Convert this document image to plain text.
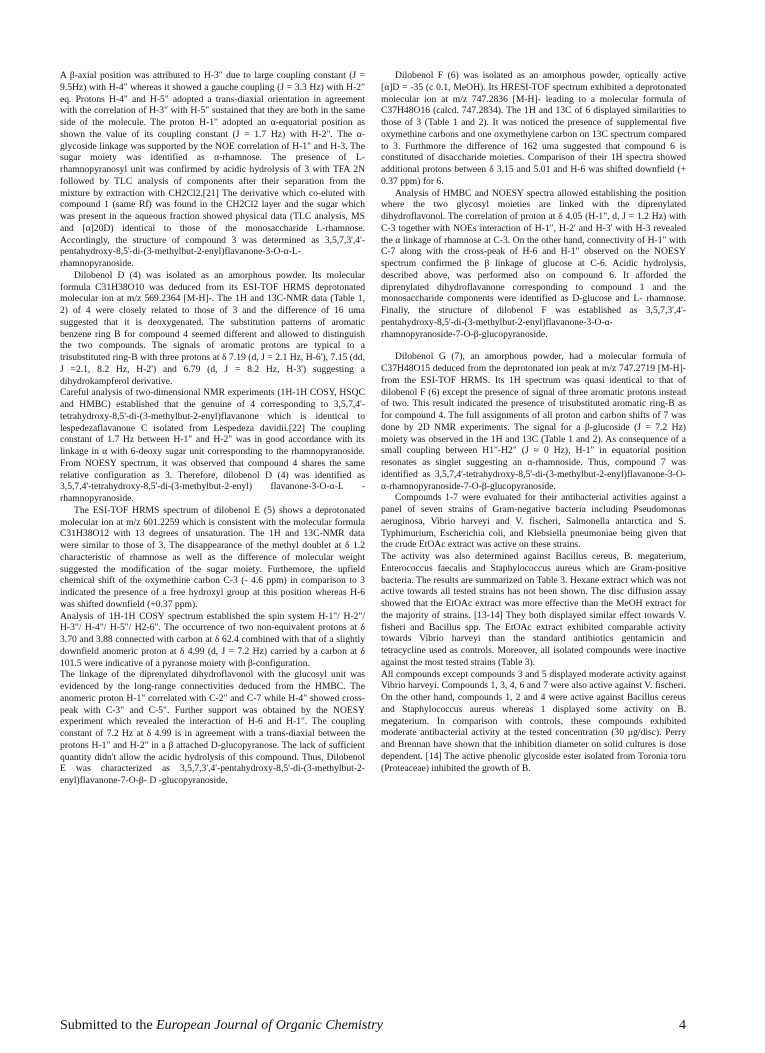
A β-axial position was attributed to H-3" due to large coupling constant (J = 9.5Hz) with H-4" whereas it showed a gauche coupling (J = 3.3 Hz) with H-2" eq. Protons H-4" and H-5" adopted a trans-diaxial orientation in agreement with the correlation of H-3" with H-5" sustained that they are both in the same side of the molecule. The proton H-1" adopted an α-equatorial position as shown the value of its coupling constant (J = 1.7 Hz) with H-2". The α-glycoside linkage was supported by the NOE correlation of H-1" and H-3. The sugar moiety was identified as α-rhamnose. The presence of L-rhamnopyranosyl unit was confirmed by acidic hydrolysis of 3 with TFA 2N followed by TLC analysis of components after their separation from the mixture by extraction with CH2Cl2.[21] The derivative which co-eluted with compound 1 (same Rf) was found in the CH2Cl2 layer and the sugar which was present in the aqueous fraction showed physical data (TLC analysis, MS and [α]20D) identical to those of the monosaccharide L-rhamnose. Accordingly, the structure of compound 3 was determined as 3,5,7,3',4'-pentahydroxy-8,5'-di-(3-methylbut-2-enyl)flavanone-3-O-α-L-rhamnopyranoside.

Dilobenol D (4) was isolated as an amorphous powder. Its molecular formula C31H38O10 was deduced from its ESI-TOF HRMS deprotonated molecular ion at m/z 569.2364 [M-H]-. The 1H and 13C-NMR data (Table 1, 2) of 4 were closely related to those of 3 and the difference of 16 uma suggested that it is deoxygenated. The substitution patterns of aromatic benzene ring B for compound 4 seemed different and allowed to distinguish the two compounds. The signals of aromatic protons are typical to a trisubstituted ring-B with three protons at δ 7.19 (d, J = 2.1 Hz, H-6'), 7.15 (dd, J =2.1, 8.2 Hz, H-2') and 6.79 (d, J = 8.2 Hz, H-3') suggesting a dihydrokampferol derivative.

Careful analysis of two-dimensional NMR experiments (1H-1H COSY, HSQC and HMBC) established that the genuine of 4 corresponding to 3,5,7,4'-tetrahydroxy-8,5'-di-(3-methylbut-2-enyl)flavanone which is identical to lespedezaflavanone C isolated from Lespedeza davidii.[22] The coupling constant of 1.7 Hz between H-1" and H-2" was in good accordance with its linkage in α with 6-deoxy sugar unit corresponding to the rhamnopyranoside. From NOESY spectrum, it was observed that compound 4 shares the same relative configuration as 3. Therefore, dilobenol D (4) was identified as 3,5,7,4'-tetrahydroxy-8,5'-di-(3-methylbut-2-enyl) flavanone-3-O-α-L -rhamnopyranoside.

The ESI-TOF HRMS spectrum of dilobenol E (5) shows a deprotonated molecular ion at m/z 601.2259 which is consistent with the molecular formula C31H38O12 with 13 degrees of unsaturation. The 1H and 13C-NMR data were similar to those of 3. The disappearance of the methyl doublet at δ 1.2 characteristic of rhamnose as well as the difference of molecular weight suggested the modification of the sugar moiety. Furthemore, the upfield chemical shift of the oxymethine carbon C-3 (- 4.6 ppm) in comparison to 3 indicated the presence of a free hydroxyl group at this position whereas H-6 was shifted downfield (+0.37 ppm).

Analysis of 1H-1H COSY spectrum established the spin system H-1"/ H-2"/ H-3"/ H-4"/ H-5"/ H2-6". The occurrence of two non-equivalent protons at δ 3.70 and 3.88 connected with carbon at δ 62.4 combined with that of a slightly downfield anomeric proton at δ 4.99 (d, J = 7.2 Hz) carried by a carbon at δ 101.5 were indicative of a pyranose moiety with β-configuration.

The linkage of the diprenylated dihydroflavonol with the glucosyl unit was evidenced by the long-range connectivities deduced from the HMBC. The anomeric proton H-1" correlated with C-2" and C-7 while H-4" showed cross-peak with C-3" and C-5". Further support was obtained by the NOESY experiment which revealed the interaction of H-6 and H-1". The coupling constant of 7.2 Hz at δ 4.99 is in agreement with a trans-diaxial between the protons H-1" and H-2" in a β attached D-glucopyranose. The lack of sufficient quantity didn't allow the acidic hydrolysis of this compound. Thus, Dilobenol E was characterized as 3,5,7,3',4'-pentahydroxy-8,5'-di-(3-methylbut-2-enyl)flavanone-7-O-β- D -glucopyranoside.

Dilobenol F (6) was isolated as an amorphous powder, optically active [α]D = -35 (c 0.1, MeOH). Its HRESI-TOF spectrum exhibited a deprotonated molecular ion at m/z 747.2836 [M-H]- leading to a molecular formula of C37H48O16 (calcd. 747.2834). The 1H and 13C of 6 displayed similarities to those of 3 (Table 1 and 2). It was noticed the presence of supplemental five oxymethine carbons and one oxymethylene carbon on 13C spectrum compared to 3. Furthmore the difference of 162 uma suggested that compound 6 is constituted of disaccharide moieties. Comparison of their 1H spectra showed additional protons between δ 3.15 and 5.01 and H-6 was shifted downfield (+ 0.37 ppm) for 6.

Analysis of HMBC and NOESY spectra allowed establishing the position where the two glycosyl moieties are linked with the diprenylated dihydroflavonol. The correlation of proton at δ 4.05 (H-1", d, J = 1.2 Hz) with C-3 together with NOEs interaction of H-1", H-2' and H-3' with H-3 revealed the α linkage of rhamnose at C-3. On the other hand, connectivity of H-1" with C-7 along with the cross-peak of H-6 and H-1" observed on the NOESY spectrum confirmed the β linkage of glucose at C-6. Acidic hydrolysis, described above, was performed also on compound 6. It afforded the diprenylated dihydroflavanone corresponding to compound 1 and the monosaccharide components were identified as D-glucose and L- rhamnose. Finally, the structure of dilobenol F was established as 3,5,7,3',4'-pentahydroxy-8,5'-di-(3-methylbut-2-enyl)flavanone-3-O-α-rhamnopyranoside-7-O-β-glucopyranoside.

Dilobenol G (7), an amorphous powder, had a molecular formula of C37H48O15 deduced from the deprotonated ion peak at m/z 747.2719 [M-H]- from the ESI-TOF HRMS. Its 1H spectrum was quasi identical to that of dilobenol F (6) except the presence of signal of three aromatic protons instead of two. This result indicated the presence of trisubstituted aromatic ring-B as for compound 4. The full assignments of all proton and carbon shifts of 7 was done by 2D NMR experiments. The signal for a β-glucoside (J = 7.2 Hz) moiety was observed in the 1H and 13C (Table 1 and 2). As consequence of a small coupling between H1"-H2" (J ≈ 0 Hz), H-1" in equatorial position resonates as singlet suggesting an α-rhamnoside. Thus, compound 7 was identified as 3,5,7,4'-tetrahydroxy-8,5'-di-(3-methylbut-2-enyl)flavanone-3-O-α-rhamnopyranoside-7-O-β-glucopyranoside.

Compounds 1-7 were evaluated for their antibacterial activities against a panel of seven strains of Gram-negative bacteria including Pseudomonas aeruginosa, Vibrio harveyi and V. fischeri, Salmonella antarctica and S. Typhimurium, Escherichia coli, and Klebsiella pneumoniae being given that the crude EtOAc extract was active on these strains.

The activity was also determined against Bacillus cereus, B. megaterium, Enterococcus faecalis and Staphylococcus aureus which are Gram-positive bacteria. The results are summarized on Table 3. Hexane extract which was not active towards all tested strains has not been shown. The disc diffusion assay showed that the EtOAc extract was more effective than the MeOH extract for the majority of strains. [13-14] They both displayed similar effect towards V. fisheri and Bacillus spp. The EtOAc extract exhibited comparable activity towards Vibrio harveyi than the standard antibiotics gentamicin and tetracycline used as controls. Moreover, all isolated compounds were inactive against the most tested strains (Table 3).

All compounds except compounds 3 and 5 displayed moderate activity against Vibrio harveyi. Compounds 1, 3, 4, 6 and 7 were also active against V. fischeri. On the other hand, compounds 1, 2 and 4 were active against Bacillus cereus and Staphylococcus aureus whereas 1 displayed some activity on B. megaterium. In comparison with controls, these compounds exhibited moderate antibacterial activity at the tested concentration (30 µg/disc). Perry and Brennan have shown that the inhibition diameter on solid cultures is dose dependent. [14] The active phenolic glycoside ester isolated from Toronia toru (Proteaceae) inhibited the growth of B.

Submitted to the European Journal of Organic Chemistry	4
